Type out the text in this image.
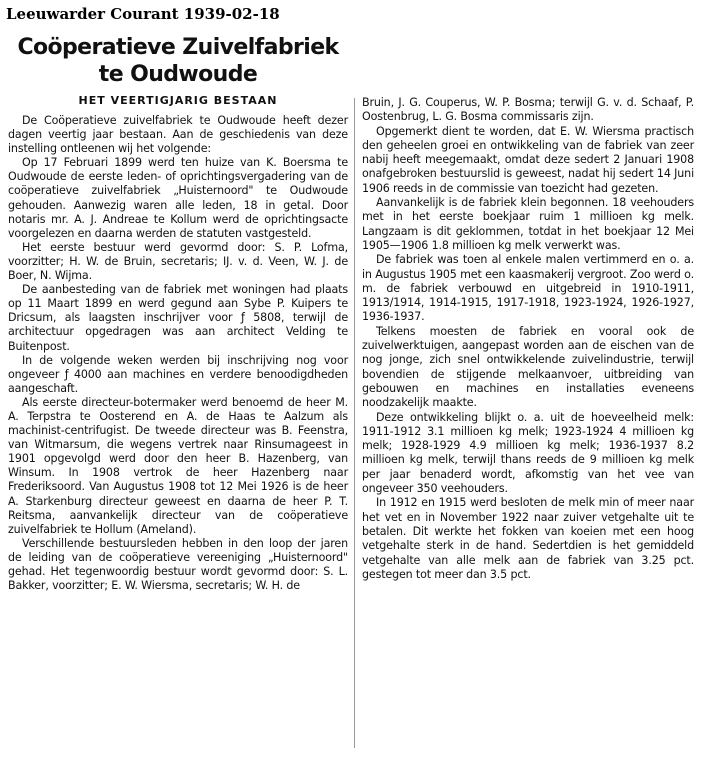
Leeuwarder Courant 1939-02-18
Coöperatieve Zuivelfabriek
te Oudwoude
HET VEERTIGJARIG BESTAAN

De Coöperatieve zuivelfabriek te Oudwoude heeft dezer dagen veertig jaar bestaan. Aan de geschiedenis van deze instelling ontleenen wij het volgende:

Op 17 Februari 1899 werd ten huize van K. Boersma te Oudwoude de eerste leden- of oprichtingsvergadering van de coöperatieve zuivelfabriek „Huisternoord" te Oudwoude gehouden. Aanwezig waren alle leden, 18 in getal. Door notaris mr. A. J. Andreae te Kollum werd de oprichtingsacte voorgelezen en daarna werden de statuten vastgesteld.

Het eerste bestuur werd gevormd door: S. P. Lofma, voorzitter; H. W. de Bruin, secretaris; IJ. v. d. Veen, W. J. de Boer, N. Wijma.

De aanbesteding van de fabriek met woningen had plaats op 11 Maart 1899 en werd gegund aan Sybe P. Kuipers te Dricsum, als laagsten inschrijver voor ƒ 5808, terwijl de architectuur opgedragen was aan architect Velding te Buitenpost.

In de volgende weken werden bij inschrijving nog voor ongeveer ƒ 4000 aan machines en verdere benoodigdheden aangeschaft.

Als eerste directeur-botermaker werd benoemd de heer M. A. Terpstra te Oosterend en A. de Haas te Aalzum als machinist-centrifugist. De tweede directeur was B. Feenstra, van Witmarsum, die wegens vertrek naar Rinsumageest in 1901 opgevolgd werd door den heer B. Hazenberg, van Winsum. In 1908 vertrok de heer Hazenberg naar Frederiksoord. Van Augustus 1908 tot 12 Mei 1926 is de heer A. Starkenburg directeur geweest en daarna de heer P. T. Reitsma, aanvankelijk directeur van de coöperatieve zuivelfabriek te Hollum (Ameland).

Verschillende bestuursleden hebben in den loop der jaren de leiding van de coöperatieve vereeniging „Huisternoord" gehad. Het tegenwoordig bestuur wordt gevormd door: S. L. Bakker, voorzitter; E. W. Wiersma, secretaris; W. H. de

Bruin, J. G. Couperus, W. P. Bosma; terwijl G. v. d. Schaaf, P. Oostenbrug, L. G. Bosma commissaris zijn.

Opgemerkt dient te worden, dat E. W. Wiersma practisch den geheelen groei en ontwikkeling van de fabriek van zeer nabij heeft meegemaakt, omdat deze sedert 2 Januari 1908 onafgebroken bestuurslid is geweest, nadat hij sedert 14 Juni 1906 reeds in de commissie van toezicht had gezeten.

Aanvankelijk is de fabriek klein begonnen. 18 veehouders met in het eerste boekjaar ruim 1 millioen kg melk. Langzaam is dit geklommen, totdat in het boekjaar 12 Mei 1905—1906 1.8 millioen kg melk verwerkt was.

De fabriek was toen al enkele malen vertimmerd en o. a. in Augustus 1905 met een kaasmakerij vergroot. Zoo werd o. m. de fabriek verbouwd en uitgebreid in 1910-1911, 1913/1914, 1914-1915, 1917-1918, 1923-1924, 1926-1927, 1936-1937.

Telkens moesten de fabriek en vooral ook de zuivelwerktuigen, aangepast worden aan de eischen van de nog jonge, zich snel ontwikkelende zuivelindustrie, terwijl bovendien de stijgende melkaanvoer, uitbreiding van gebouwen en machines en installaties eveneens noodzakelijk maakte.

Deze ontwikkeling blijkt o. a. uit de hoeveelheid melk: 1911-1912 3.1 millioen kg melk; 1923-1924 4 millioen kg melk; 1928-1929 4.9 millioen kg melk; 1936-1937 8.2 millioen kg melk, terwijl thans reeds de 9 millioen kg melk per jaar benaderd wordt, afkomstig van het vee van ongeveer 350 veehouders.

In 1912 en 1915 werd besloten de melk min of meer naar het vet en in November 1922 naar zuiver vetgehalte uit te betalen. Dit werkte het fokken van koeien met een hoog vetgehalte sterk in de hand. Sedertdien is het gemiddeld vetgehalte van alle melk aan de fabriek van 3.25 pct. gestegen tot meer dan 3.5 pct.
